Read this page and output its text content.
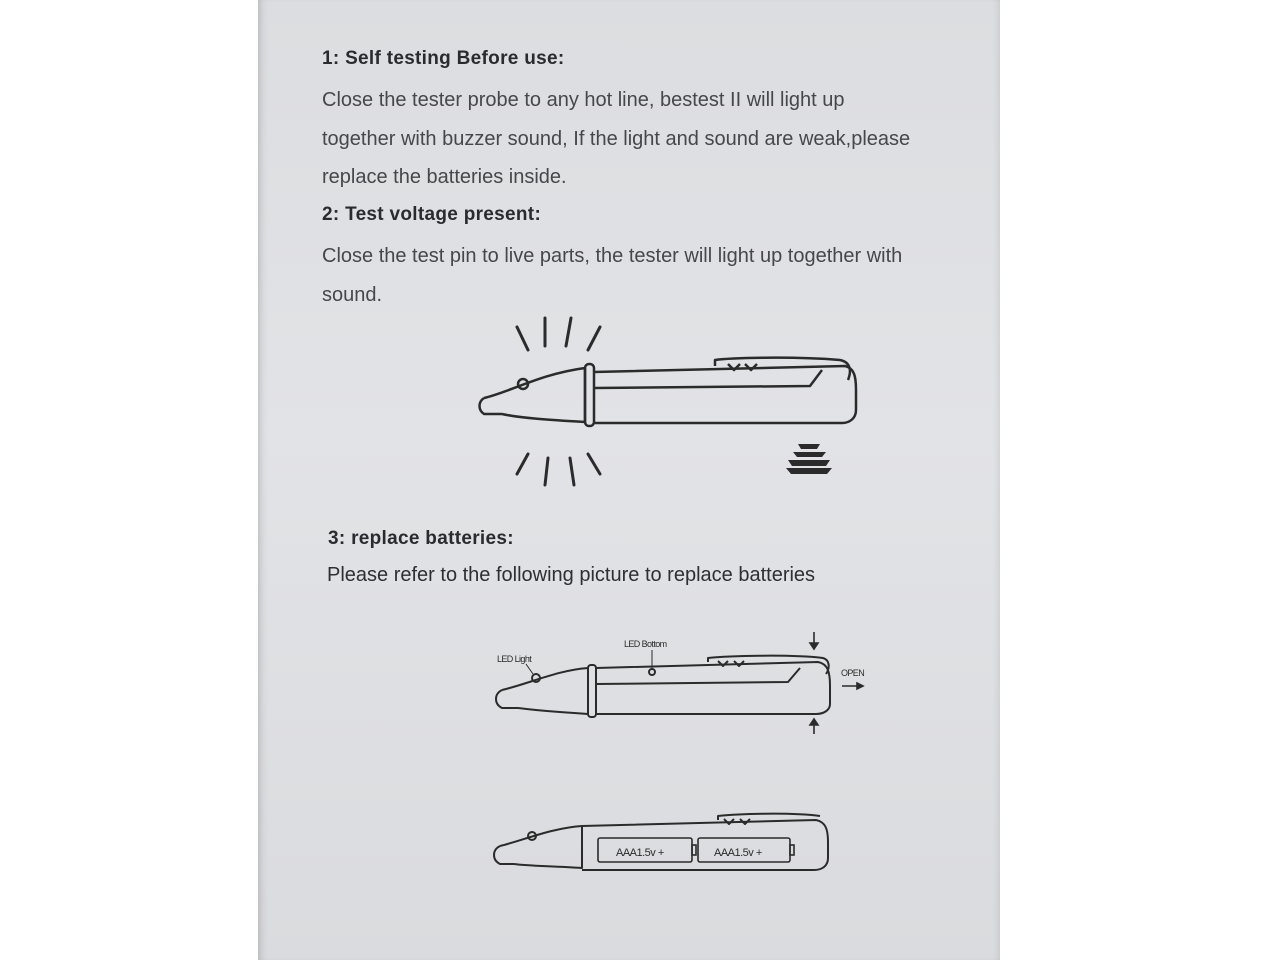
1: Self testing Before use:
Close the tester probe to any hot line, bestest II will light up
together with buzzer sound, If the light and sound are weak,please
replace the batteries inside.
2: Test voltage present:
Close the test pin to live parts, the tester will light up together with
sound.
3: replace batteries:
Please refer to the following picture to replace batteries
LED Light
LED Bottom
OPEN
AAA1.5v +	AAA1.5v +
